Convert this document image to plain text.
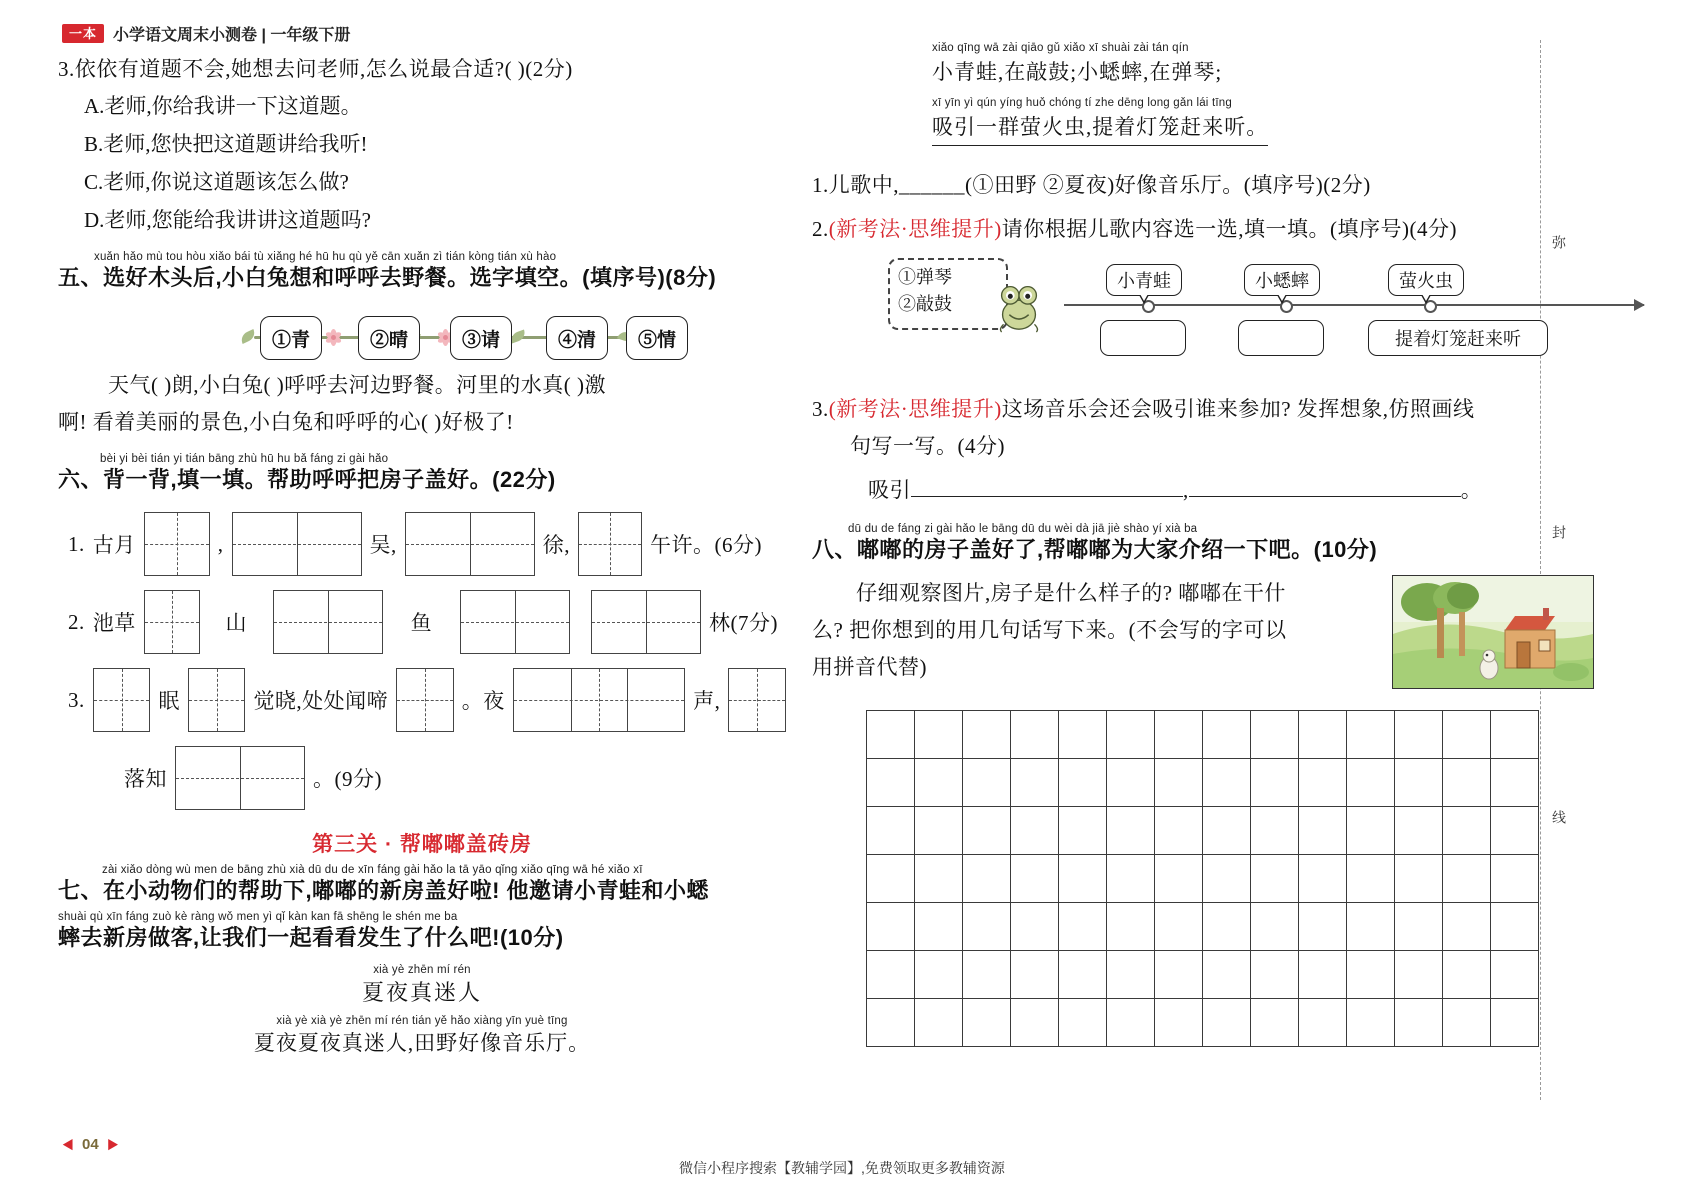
一本	小学语文周末小测卷 | 一年级下册
弥
封
线

3.依依有道题不会,她想去问老师,怎么说最合适?( )(2分)

A.老师,你给我讲一下这道题。

B.老师,您快把这道题讲给我听!

C.老师,你说这道题该怎么做?

D.老师,您能给我讲讲这道题吗?

xuǎn hǎo mù tou hòu xiǎo bái tù xiǎng hé hū hu qù yě cān xuǎn zì tián kòng tián xù hào
五、选好木头后,小白兔想和呼呼去野餐。选字填空。(填序号)(8分)
①青	②晴	③请	④清	⑤情

天气( )朗,小白兔( )呼呼去河边野餐。河里的水真( )激

啊! 看着美丽的景色,小白兔和呼呼的心( )好极了!

bèi yi bèi tián yi tián bāng zhù hū hu bǎ fáng zi gài hǎo
六、背一背,填一填。帮助呼呼把房子盖好。(22分)
1. 古月	,	吴,	徐,	午许。(6分)
2. 池草	山	鱼	林(7分)
3.	眠	觉晓,处处闻啼	。夜	声,
落知	。(9分)
第三关 · 帮嘟嘟盖砖房
zài xiǎo dòng wù men de bāng zhù xià dū du de xīn fáng gài hǎo la tā yāo qǐng xiǎo qīng wā hé xiǎo xī
七、在小动物们的帮助下,嘟嘟的新房盖好啦! 他邀请小青蛙和小蟋
shuài qù xīn fáng zuò kè ràng wǒ men yì qǐ kàn kan fā shēng le shén me ba
蟀去新房做客,让我们一起看看发生了什么吧!(10分)
xià yè zhēn mí rén
夏夜真迷人
xià yè xià yè zhēn mí rén tián yě hǎo xiàng yīn yuè tīng
夏夜夏夜真迷人,田野好像音乐厅。
xiǎo qīng wā zài qiāo gǔ xiǎo xī shuài zài tán qín
小青蛙,在敲鼓;小蟋蟀,在弹琴;
xī yīn yì qún yíng huǒ chóng tí zhe dēng long gǎn lái tīng
吸引一群萤火虫,提着灯笼赶来听。

1.儿歌中,______(①田野 ②夏夜)好像音乐厅。(填序号)(2分)

2.(新考法·思维提升)请你根据儿歌内容选一选,填一填。(填序号)(4分)

①弹琴
②敲鼓
小青蛙	小蟋蟀	萤火虫
提着灯笼赶来听

3.(新考法·思维提升)这场音乐会还会吸引谁来参加? 发挥想象,仿照画线

句写一写。(4分)

吸引	,	。

dū du de fáng zi gài hǎo le bāng dū du wèi dà jiā jiè shào yí xià ba
八、嘟嘟的房子盖好了,帮嘟嘟为大家介绍一下吧。(10分)

仔细观察图片,房子是什么样子的? 嘟嘟在干什

么? 把你想到的用几句话写下来。(不会写的字可以

用拼音代替)

◀ 04 ▶
微信小程序搜索【教辅学园】,免费领取更多教辅资源
